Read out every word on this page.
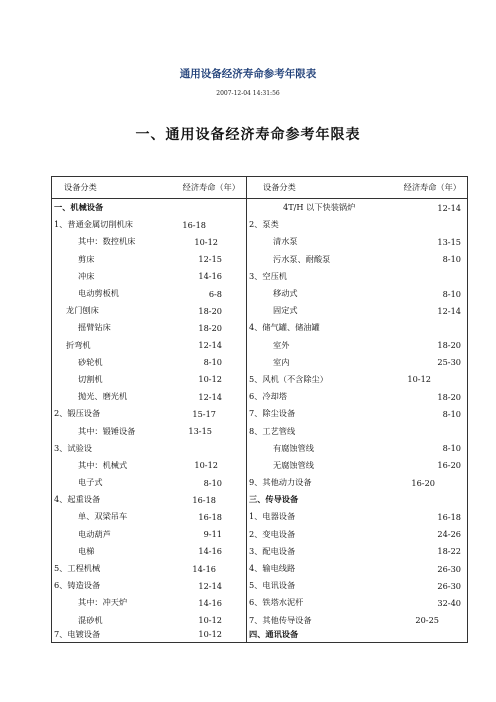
通用设备经济寿命参考年限表
2007-12-04 14:31:56
一、通用设备经济寿命参考年限表
设备分类 经济寿命（年）	设备分类 经济寿命（年）

一、机械设备	4T/H 以下快装锅炉 12-14

1、普通金属切削机床 16-18	2、泵类

其中：数控机床 10-12	清水泵 13-15

剪床 12-15	污水泵、耐酸泵 8-10

冲床 14-16	3、空压机

电动剪板机 6-8	移动式 8-10

龙门刨床 18-20	固定式 12-14

摇臂钻床 18-20	4、储气罐、储油罐

折弯机 12-14	室外 18-20

砂轮机 8-10	室内 25-30

切割机 10-12	5、风机（不含除尘） 10-12

抛光、磨光机 12-14	6、冷却塔 18-20

2、锻压设备 15-17	7、除尘设备 8-10

其中：锻锤设备 13-15	8、工艺管线

3、试验设	有腐蚀管线 8-10

其中：机械式 10-12	无腐蚀管线 16-20

电子式 8-10	9、其他动力设备 16-20

4、起重设备 16-18	三、传导设备

单、双梁吊车 16-18	1、电器设备 16-18

电动葫芦 9-11	2、变电设备 24-26

电梯 14-16	3、配电设备 18-22

5、工程机械 14-16	4、输电线路 26-30

6、铸造设备 12-14	5、电讯设备 26-30

其中：冲天炉 14-16	6、铁塔水泥杆 32-40

混砂机 10-12	7、其他传导设备 20-25

7、电镀设备 10-12	四、通讯设备
